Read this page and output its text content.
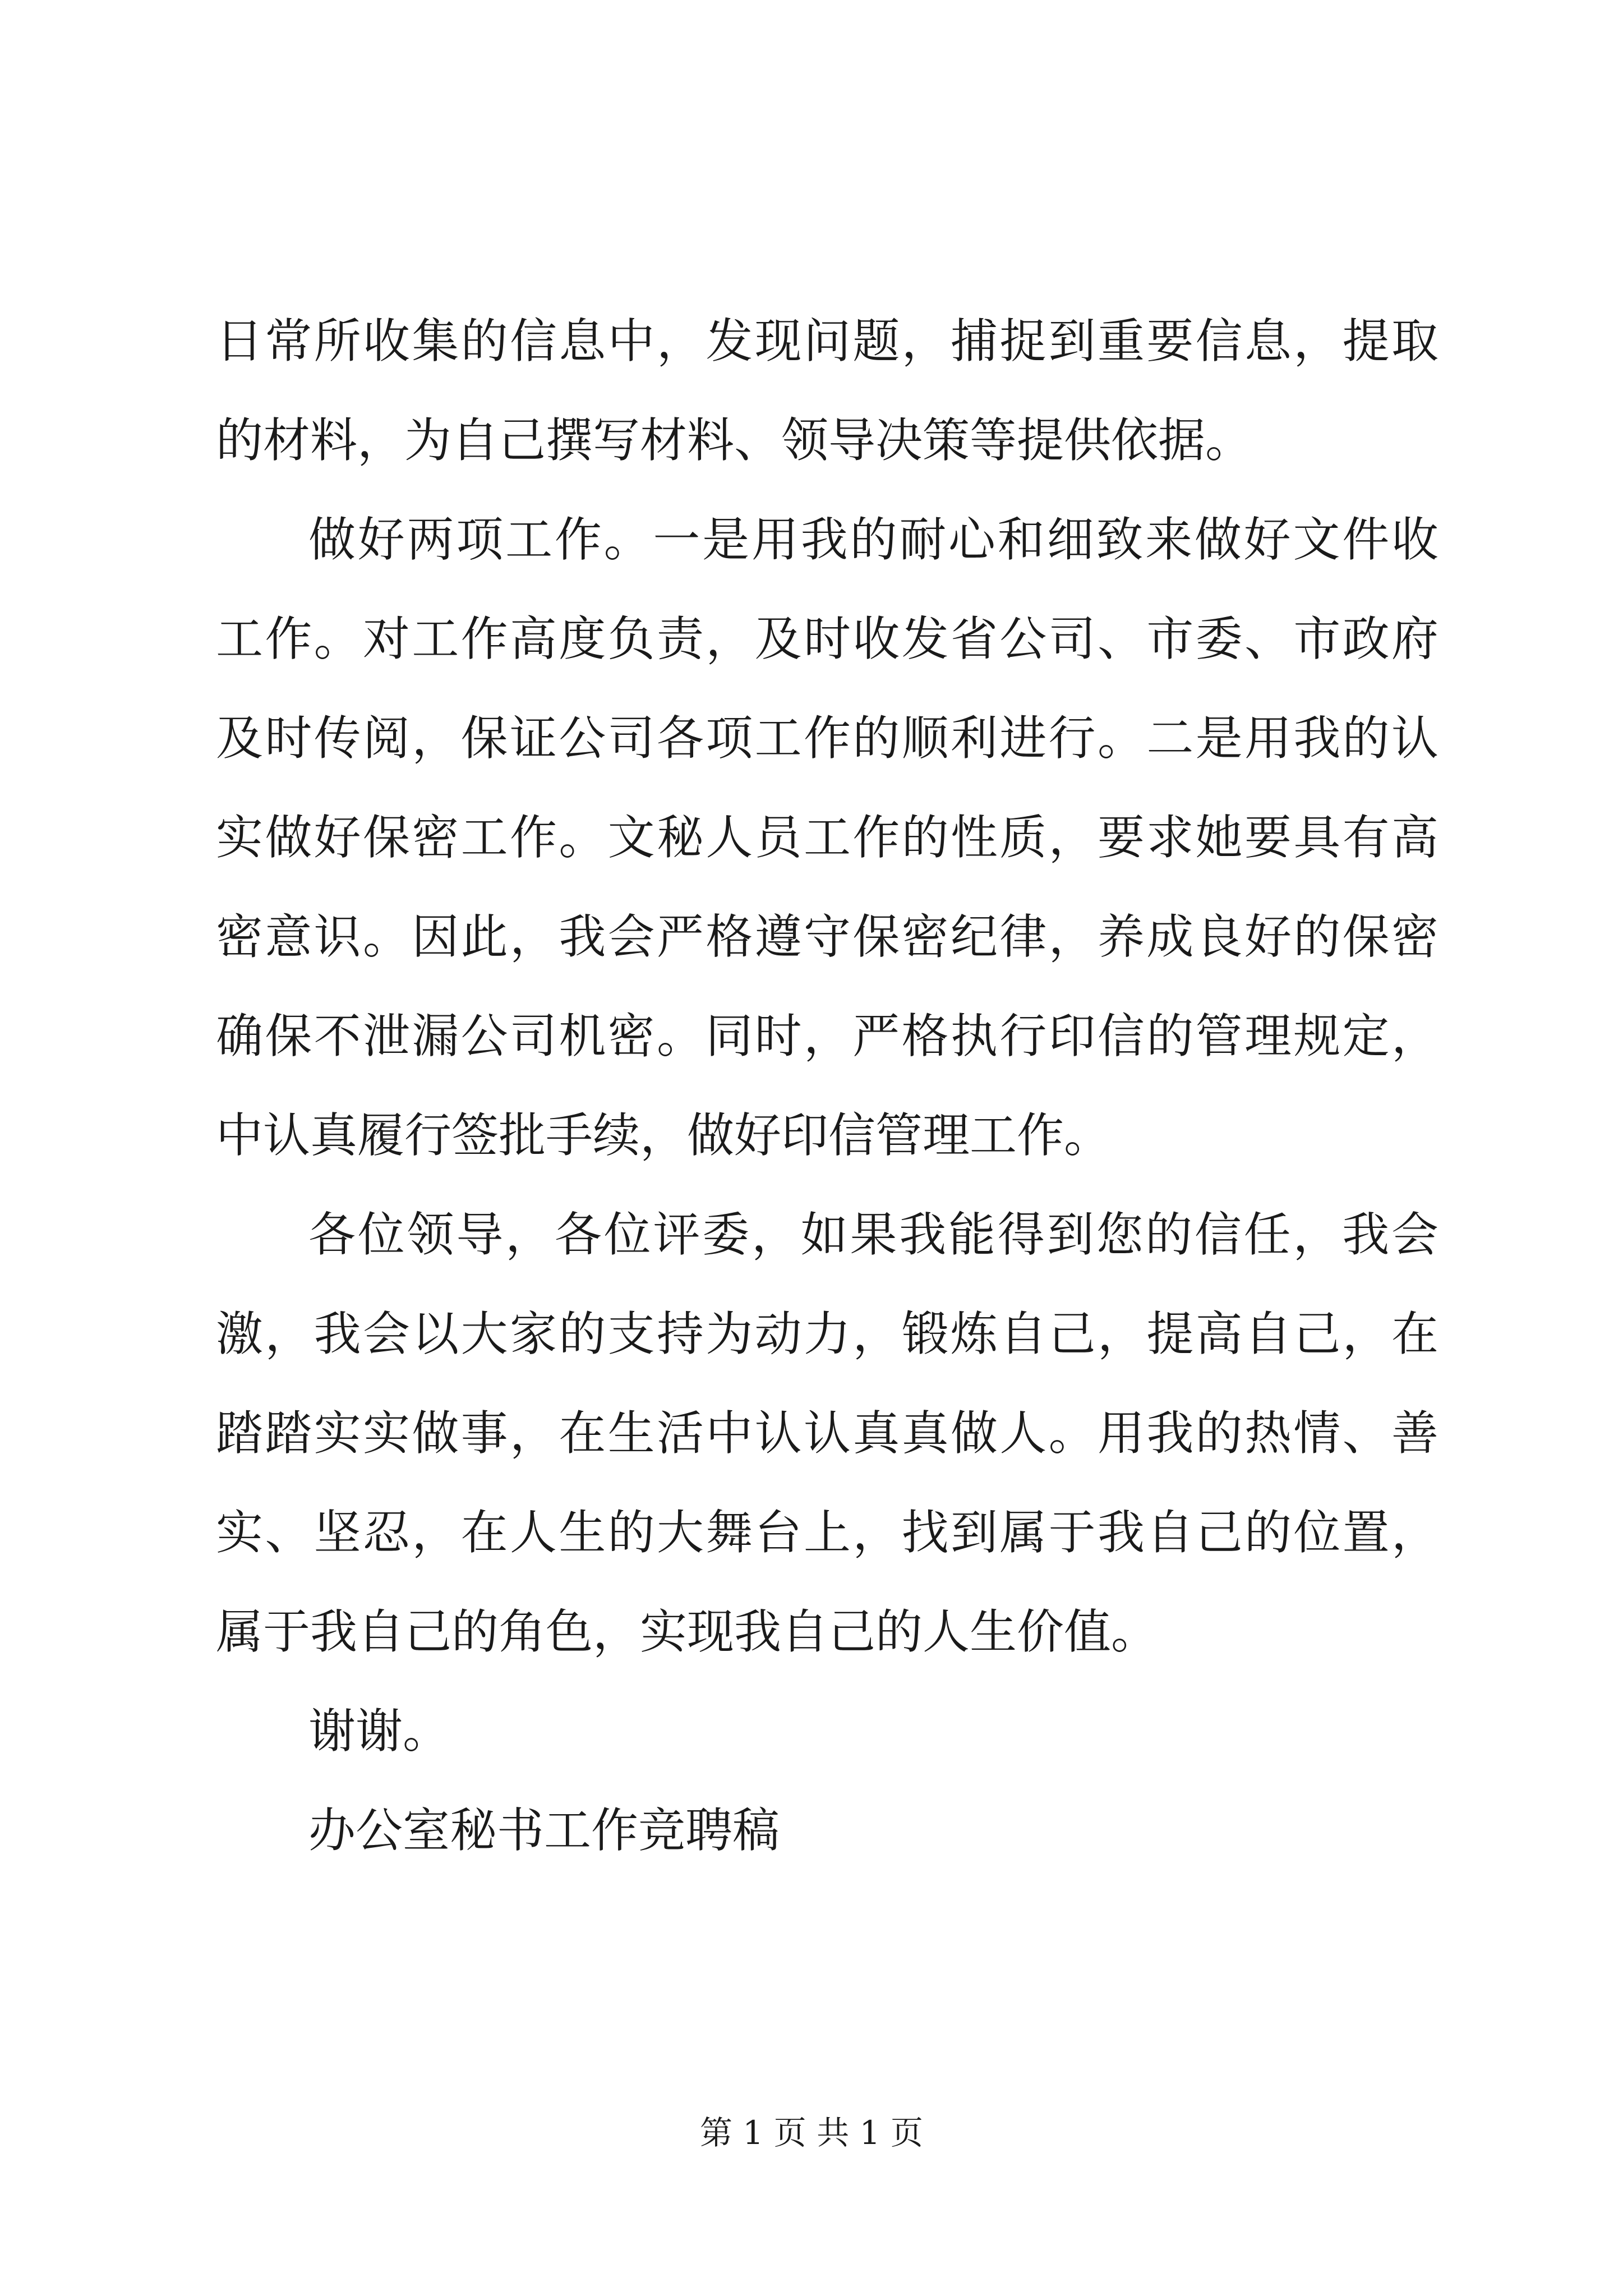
日常所收集的信息中，发现问题，捕捉到重要信息，提取
的材料，为自己撰写材料、领导决策等提供依据。
做好两项工作。一是用我的耐心和细致来做好文件收
工作。对工作高度负责，及时收发省公司、市委、市政府
及时传阅，保证公司各项工作的顺利进行。二是用我的认
实做好保密工作。文秘人员工作的性质，要求她要具有高
密意识。因此，我会严格遵守保密纪律，养成良好的保密
确保不泄漏公司机密。同时，严格执行印信的管理规定，
中认真履行签批手续，做好印信管理工作。
各位领导，各位评委，如果我能得到您的信任，我会
激，我会以大家的支持为动力，锻炼自己，提高自己，在
踏踏实实做事，在生活中认认真真做人。用我的热情、善
实、坚忍，在人生的大舞台上，找到属于我自己的位置，
属于我自己的角色，实现我自己的人生价值。
谢谢。
办公室秘书工作竞聘稿
第 1 页 共 1 页
